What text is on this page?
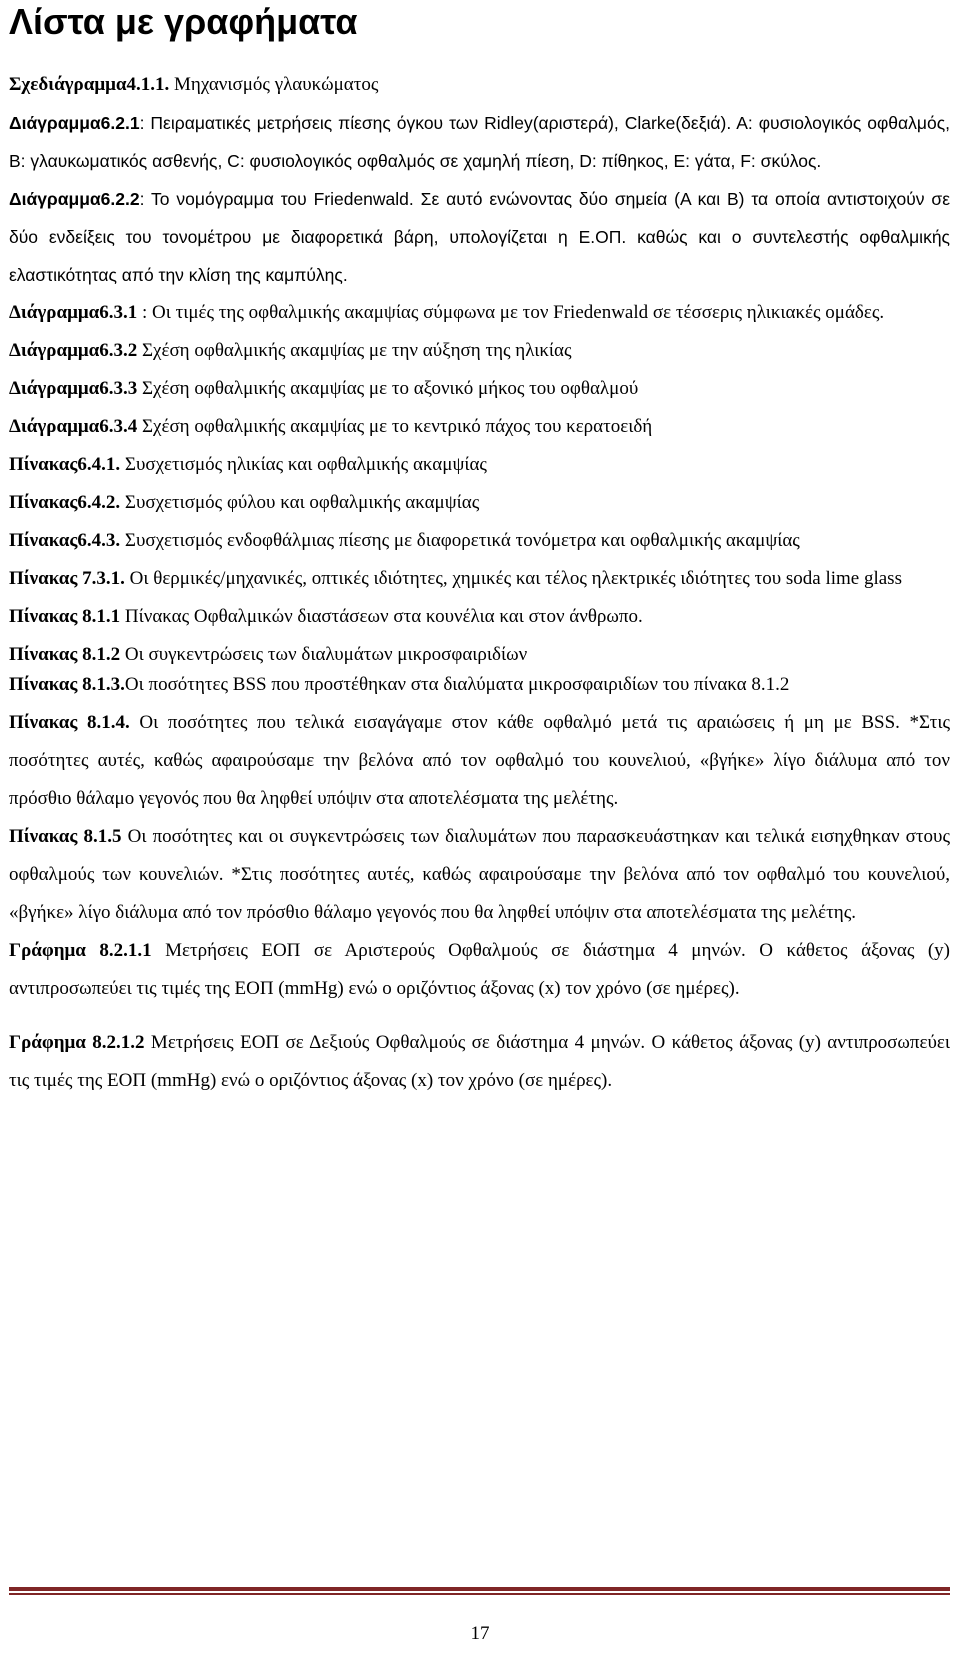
Λίστα με γραφήματα

Σχεδιάγραμμα4.1.1. Μηχανισμός γλαυκώματος

Διάγραμμα6.2.1: Πειραματικές μετρήσεις πίεσης όγκου των Ridley(αριστερά), Clarke(δεξιά). A: φυσιολογικός οφθαλμός, B: γλαυκωματικός ασθενής, C: φυσιολογικός οφθαλμός σε χαμηλή πίεση, D: πίθηκος, E: γάτα, F: σκύλος.

Διάγραμμα6.2.2: Το νομόγραμμα του Friedenwald. Σε αυτό ενώνοντας δύο σημεία (A και B) τα οποία αντιστοιχούν σε δύο ενδείξεις του τονομέτρου με διαφορετικά βάρη, υπολογίζεται η Ε.ΟΠ. καθώς και ο συντελεστής οφθαλμικής ελαστικότητας από την κλίση της καμπύλης.

Διάγραμμα6.3.1 : Οι τιμές της οφθαλμικής ακαμψίας σύμφωνα με τον Friedenwald σε τέσσερις ηλικιακές ομάδες.

Διάγραμμα6.3.2 Σχέση οφθαλμικής ακαμψίας με την αύξηση της ηλικίας

Διάγραμμα6.3.3 Σχέση οφθαλμικής ακαμψίας με το αξονικό μήκος του οφθαλμού

Διάγραμμα6.3.4 Σχέση οφθαλμικής ακαμψίας με το κεντρικό πάχος του κερατοειδή

Πίνακας6.4.1. Συσχετισμός ηλικίας και οφθαλμικής ακαμψίας

Πίνακας6.4.2. Συσχετισμός φύλου και οφθαλμικής ακαμψίας

Πίνακας6.4.3. Συσχετισμός ενδοφθάλμιας πίεσης με διαφορετικά τονόμετρα και οφθαλμικής ακαμψίας

Πίνακας 7.3.1. Οι θερμικές/μηχανικές, οπτικές ιδιότητες, χημικές και τέλος ηλεκτρικές ιδιότητες του soda lime glass

Πίνακας 8.1.1 Πίνακας Οφθαλμικών διαστάσεων στα κουνέλια και στον άνθρωπο.

Πίνακας 8.1.2 Οι συγκεντρώσεις των διαλυμάτων μικροσφαιριδίων

Πίνακας 8.1.3.Οι ποσότητες BSS που προστέθηκαν στα διαλύματα μικροσφαιριδίων του πίνακα 8.1.2

Πίνακας 8.1.4. Οι ποσότητες που τελικά εισαγάγαμε στον κάθε οφθαλμό μετά τις αραιώσεις ή μη με BSS. *Στις ποσότητες αυτές, καθώς αφαιρούσαμε την βελόνα από τον οφθαλμό του κουνελιού, «βγήκε» λίγο διάλυμα από τον πρόσθιο θάλαμο γεγονός που θα ληφθεί υπόψιν στα αποτελέσματα της μελέτης.

Πίνακας 8.1.5 Οι ποσότητες και οι συγκεντρώσεις των διαλυμάτων που παρασκευάστηκαν και τελικά εισηχθηκαν στους οφθαλμούς των κουνελιών. *Στις ποσότητες αυτές, καθώς αφαιρούσαμε την βελόνα από τον οφθαλμό του κουνελιού, «βγήκε» λίγο διάλυμα από τον πρόσθιο θάλαμο γεγονός που θα ληφθεί υπόψιν στα αποτελέσματα της μελέτης.

Γράφημα 8.2.1.1 Μετρήσεις ΕΟΠ σε Αριστερούς Οφθαλμούς σε διάστημα 4 μηνών. Ο κάθετος άξονας (y) αντιπροσωπεύει τις τιμές της ΕΟΠ (mmHg) ενώ ο οριζόντιος άξονας (x) τον χρόνο (σε ημέρες).

Γράφημα 8.2.1.2 Μετρήσεις ΕΟΠ σε Δεξιούς Οφθαλμούς σε διάστημα 4 μηνών. Ο κάθετος άξονας (y) αντιπροσωπεύει τις τιμές της ΕΟΠ (mmHg) ενώ ο οριζόντιος άξονας (x) τον χρόνο (σε ημέρες).

17
